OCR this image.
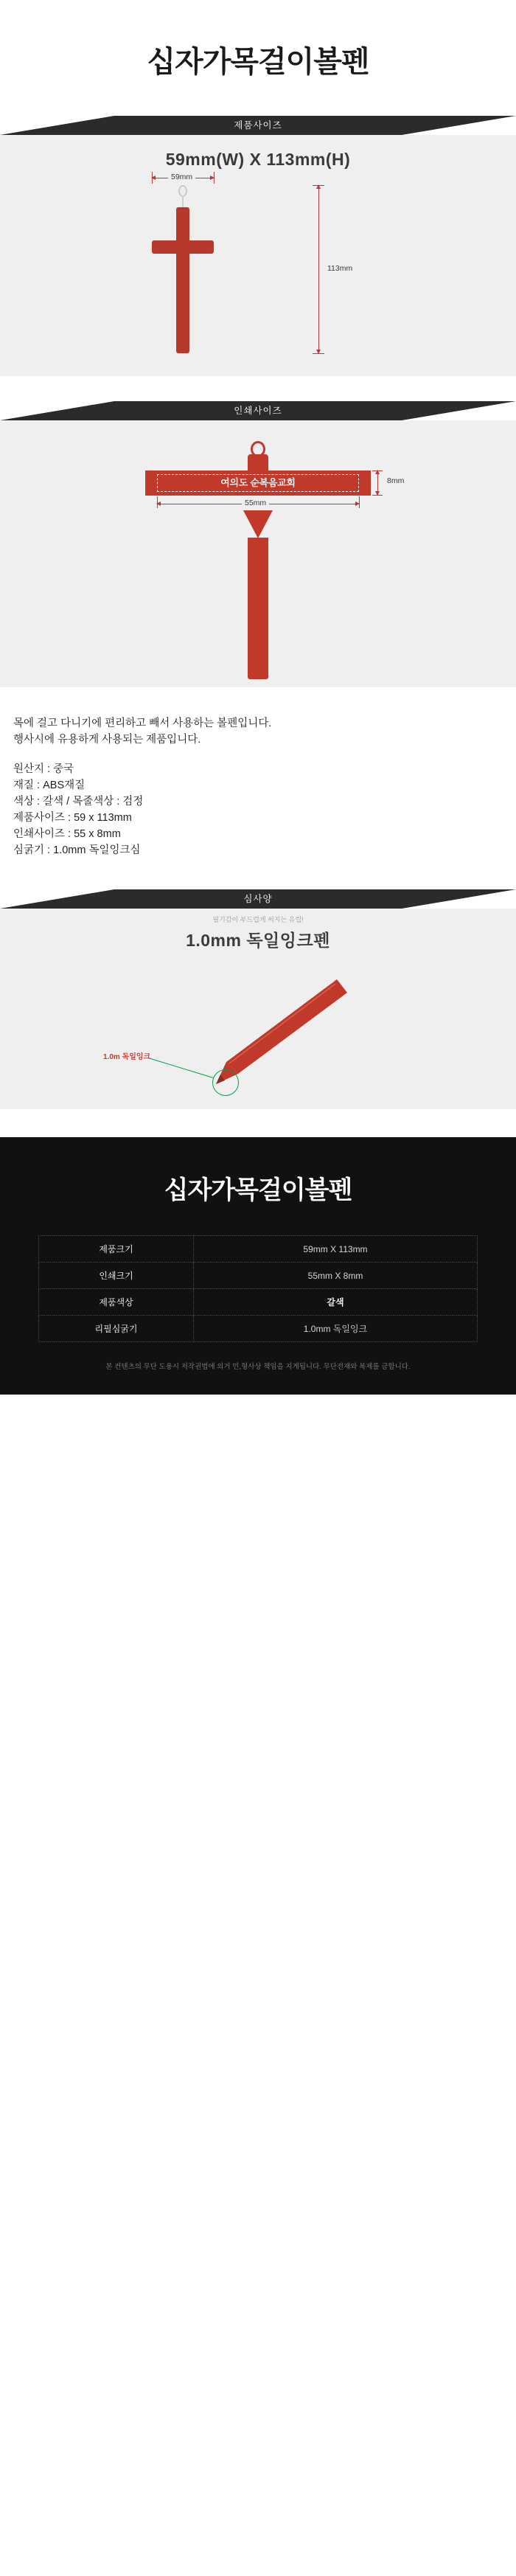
십자가목걸이볼펜
제품사이즈
59mm(W) X 113mm(H)
59mm
113mm
인쇄사이즈
여의도 순복음교회	8mm
55mm

목에 걸고 다니기에 편리하고 빼서 사용하는 볼펜입니다.

행사시에 유용하게 사용되는 제품입니다.

원산지 : 중국

재질 : ABS재질

색상 : 갈색 / 목줄색상 : 검정

제품사이즈 : 59 x 113mm

인쇄사이즈 : 55 x 8mm

심굵기 : 1.0mm 독일잉크심

심사양
필기감이 부드럽게 써지는 유럽!
1.0mm 독일잉크펜
1.0m 독일잉크
십자가목걸이볼펜
제품크기	59mm X 113mm
인쇄크기	55mm X 8mm
제품색상	갈색
리필심굵기	1.0mm 독일잉크
본 컨텐츠의 무단 도용시 저작권법에 의거 민,형사상 책임을 지게됩니다. 무단전재와 복제를 금합니다.
